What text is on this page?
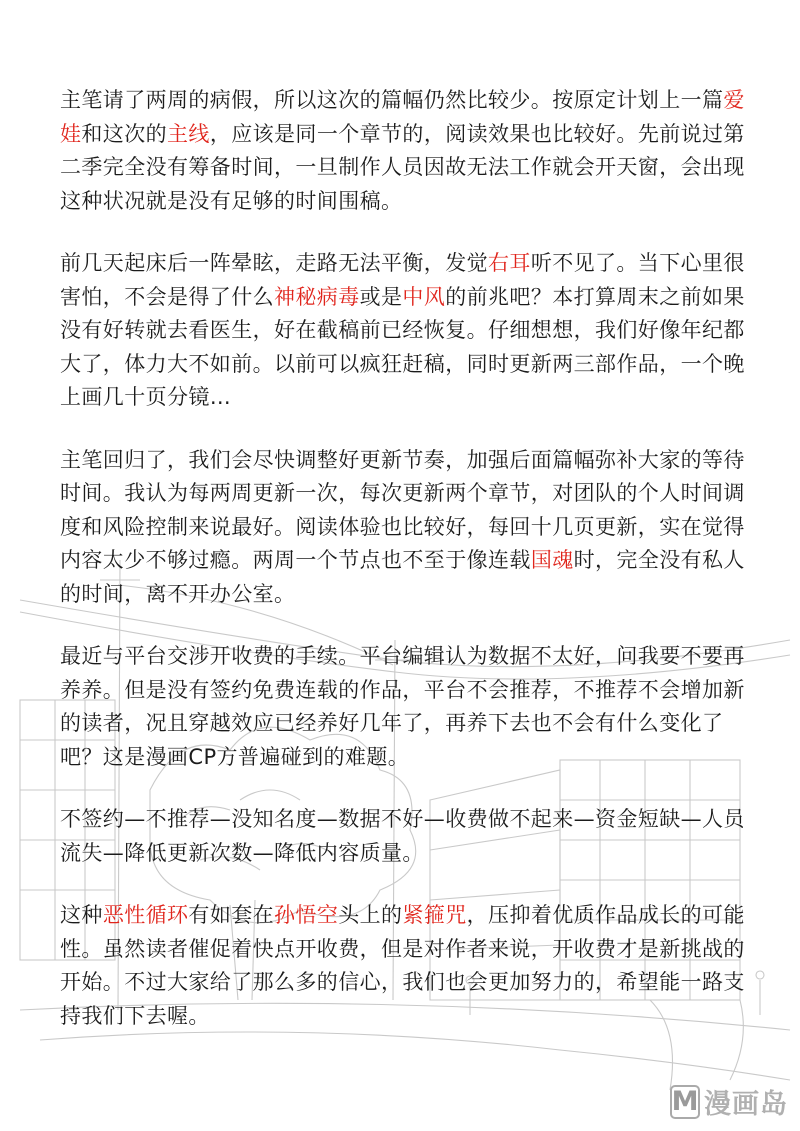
主笔请了两周的病假，所以这次的篇幅仍然比较少。按原定计划上一篇爱娃和这次的主线，应该是同一个章节的，阅读效果也比较好。先前说过第二季完全没有筹备时间，一旦制作人员因故无法工作就会开天窗，会出现这种状况就是没有足够的时间围稿。

前几天起床后一阵晕眩，走路无法平衡，发觉右耳听不见了。当下心里很害怕，不会是得了什么神秘病毒或是中风的前兆吧？本打算周末之前如果没有好转就去看医生，好在截稿前已经恢复。仔细想想，我们好像年纪都大了，体力大不如前。以前可以疯狂赶稿，同时更新两三部作品，一个晚上画几十页分镜…

主笔回归了，我们会尽快调整好更新节奏，加强后面篇幅弥补大家的等待时间。我认为每两周更新一次，每次更新两个章节，对团队的个人时间调度和风险控制来说最好。阅读体验也比较好，每回十几页更新，实在觉得内容太少不够过瘾。两周一个节点也不至于像连载国魂时，完全没有私人的时间，离不开办公室。

最近与平台交涉开收费的手续。平台编辑认为数据不太好，问我要不要再养养。但是没有签约免费连载的作品，平台不会推荐，不推荐不会增加新的读者，况且穿越效应已经养好几年了，再养下去也不会有什么变化了吧？这是漫画CP方普遍碰到的难题。

不签约—不推荐—没知名度—数据不好—收费做不起来—资金短缺—人员流失—降低更新次数—降低内容质量。

这种恶性循环有如套在孙悟空头上的紧箍咒，压抑着优质作品成长的可能性。虽然读者催促着快点开收费，但是对作者来说，开收费才是新挑战的开始。不过大家给了那么多的信心，我们也会更加努力的，希望能一路支持我们下去喔。

M 漫画岛
